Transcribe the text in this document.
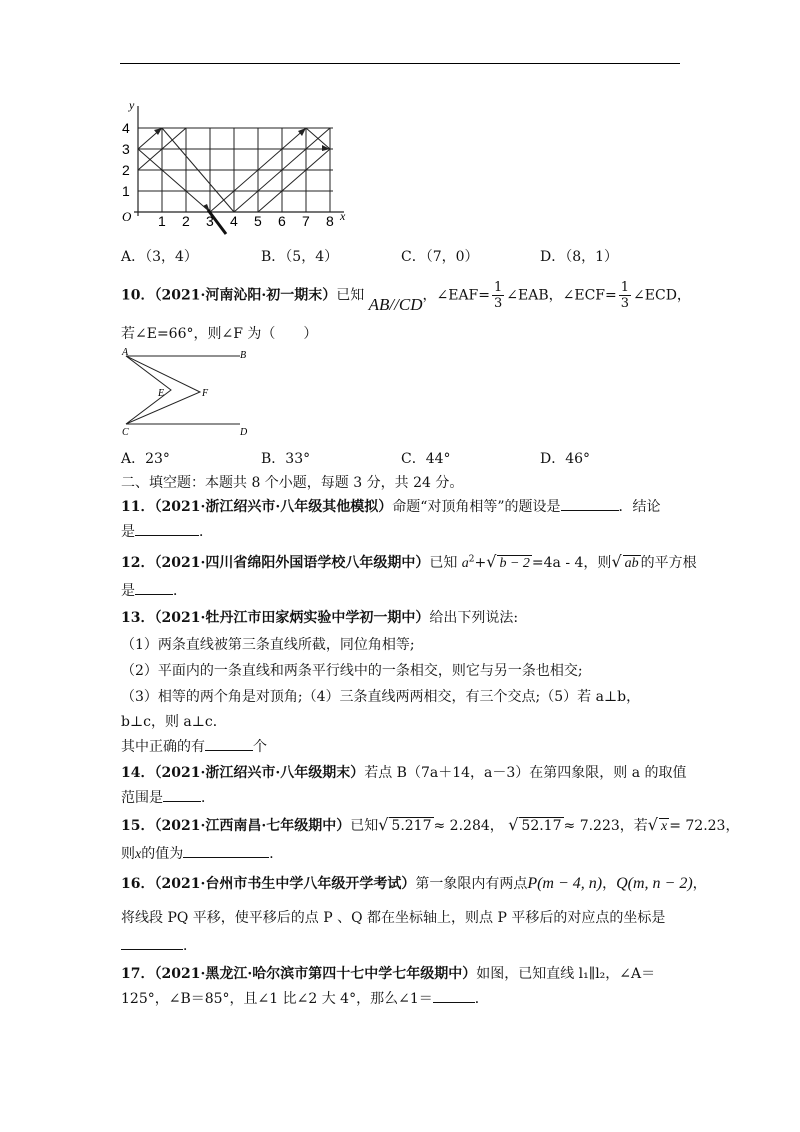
y
x
O
4
3
2
1
1 2 3 4 5 6 7 8
A．（3，4）	B．（5，4）	C．（7，0）	D．（8，1）
10．（2021·河南沁阳·初一期末）已知 AB//CD，∠EAF= $\frac{1}{3}$ ∠EAB，∠ECF= $\frac{1}{3}$ ∠ECD，
若∠E=66°，则∠F 为（　　）
A	B
C	D
E	F
A．23°	B．33°	C．44°	D．46°
二、填空题：本题共 8 个小题，每题 3 分，共 24 分。
11．（2021·浙江绍兴市·八年级其他模拟）命题“对顶角相等”的题设是	．结论
是	．
12．（2021·四川省绵阳外国语学校八年级期中）已知 $a^2+√$ b − 2 =4a - 4，则√ ab 的平方根
是	．
13．（2021·牡丹江市田家炳实验中学初一期中）给出下列说法:
（1）两条直线被第三条直线所截，同位角相等;
（2）平面内的一条直线和两条平行线中的一条相交，则它与另一条也相交;
（3）相等的两个角是对顶角;（4）三条直线两两相交，有三个交点;（5）若 a⊥b，
b⊥c，则 a⊥c．
其中正确的有	个
14．（2021·浙江绍兴市·八年级期末）若点 B（7a＋14，a－3）在第四象限，则 a 的取值
范围是	．
15．（2021·江西南昌·七年级期中）已知√ 5.217 ≈ 2.284， √ 52.17 ≈ 7.223，若√ x = 72.23，
则x的值为	．
16．（2021·台州市书生中学八年级开学考试）第一象限内有两点P(m − 4, n)，Q(m, n − 2)，
将线段 PQ 平移，使平移后的点 P 、Q 都在坐标轴上，则点 P 平移后的对应点的坐标是
．
17．（2021·黑龙江·哈尔滨市第四十七中学七年级期中）如图，已知直线 l₁∥l₂，∠A＝
125°，∠B＝85°，且∠1 比∠2 大 4°，那么∠1＝	．
